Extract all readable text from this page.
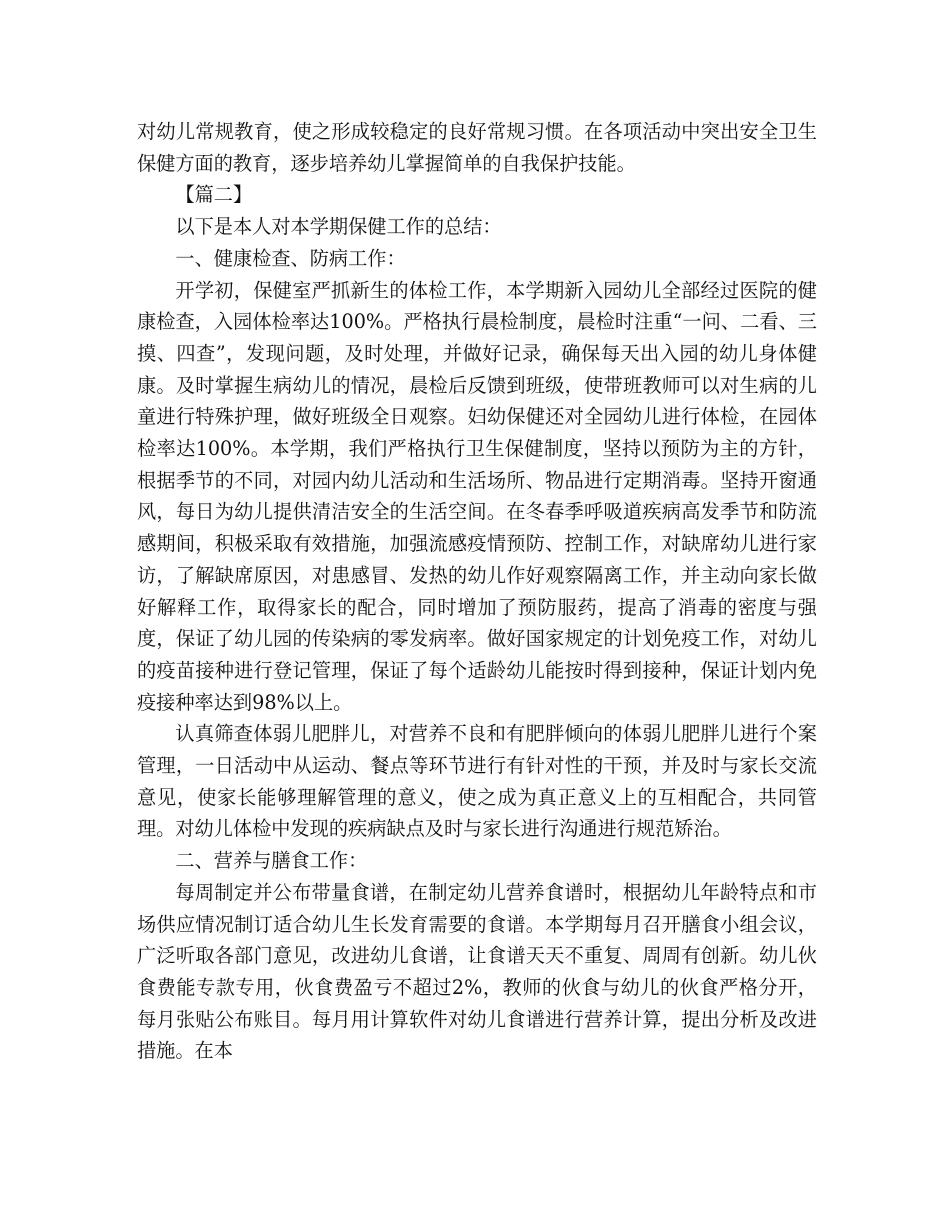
对幼儿常规教育，使之形成较稳定的良好常规习惯。在各项活动中突出安全卫生保健方面的教育，逐步培养幼儿掌握简单的自我保护技能。

【篇二】

以下是本人对本学期保健工作的总结：

一、健康检查、防病工作：

开学初，保健室严抓新生的体检工作，本学期新入园幼儿全部经过医院的健康检查，入园体检率达100%。严格执行晨检制度，晨检时注重“一问、二看、三摸、四查”，发现问题，及时处理，并做好记录，确保每天出入园的幼儿身体健康。及时掌握生病幼儿的情况，晨检后反馈到班级，使带班教师可以对生病的儿童进行特殊护理，做好班级全日观察。妇幼保健还对全园幼儿进行体检，在园体检率达100%。本学期，我们严格执行卫生保健制度，坚持以预防为主的方针，根据季节的不同，对园内幼儿活动和生活场所、物品进行定期消毒。坚持开窗通风，每日为幼儿提供清洁安全的生活空间。在冬春季呼吸道疾病高发季节和防流感期间，积极采取有效措施，加强流感疫情预防、控制工作，对缺席幼儿进行家访，了解缺席原因，对患感冒、发热的幼儿作好观察隔离工作，并主动向家长做好解释工作，取得家长的配合，同时增加了预防服药，提高了消毒的密度与强度，保证了幼儿园的传染病的零发病率。做好国家规定的计划免疫工作，对幼儿的疫苗接种进行登记管理，保证了每个适龄幼儿能按时得到接种，保证计划内免疫接种率达到98%以上。

认真筛查体弱儿肥胖儿，对营养不良和有肥胖倾向的体弱儿肥胖儿进行个案管理，一日活动中从运动、餐点等环节进行有针对性的干预，并及时与家长交流意见，使家长能够理解管理的意义，使之成为真正意义上的互相配合，共同管理。对幼儿体检中发现的疾病缺点及时与家长进行沟通进行规范矫治。

二、营养与膳食工作：

每周制定并公布带量食谱，在制定幼儿营养食谱时，根据幼儿年龄特点和市场供应情况制订适合幼儿生长发育需要的食谱。本学期每月召开膳食小组会议，广泛听取各部门意见，改进幼儿食谱，让食谱天天不重复、周周有创新。幼儿伙食费能专款专用，伙食费盈亏不超过2%，教师的伙食与幼儿的伙食严格分开，每月张贴公布账目。每月用计算软件对幼儿食谱进行营养计算，提出分析及改进措施。在本
